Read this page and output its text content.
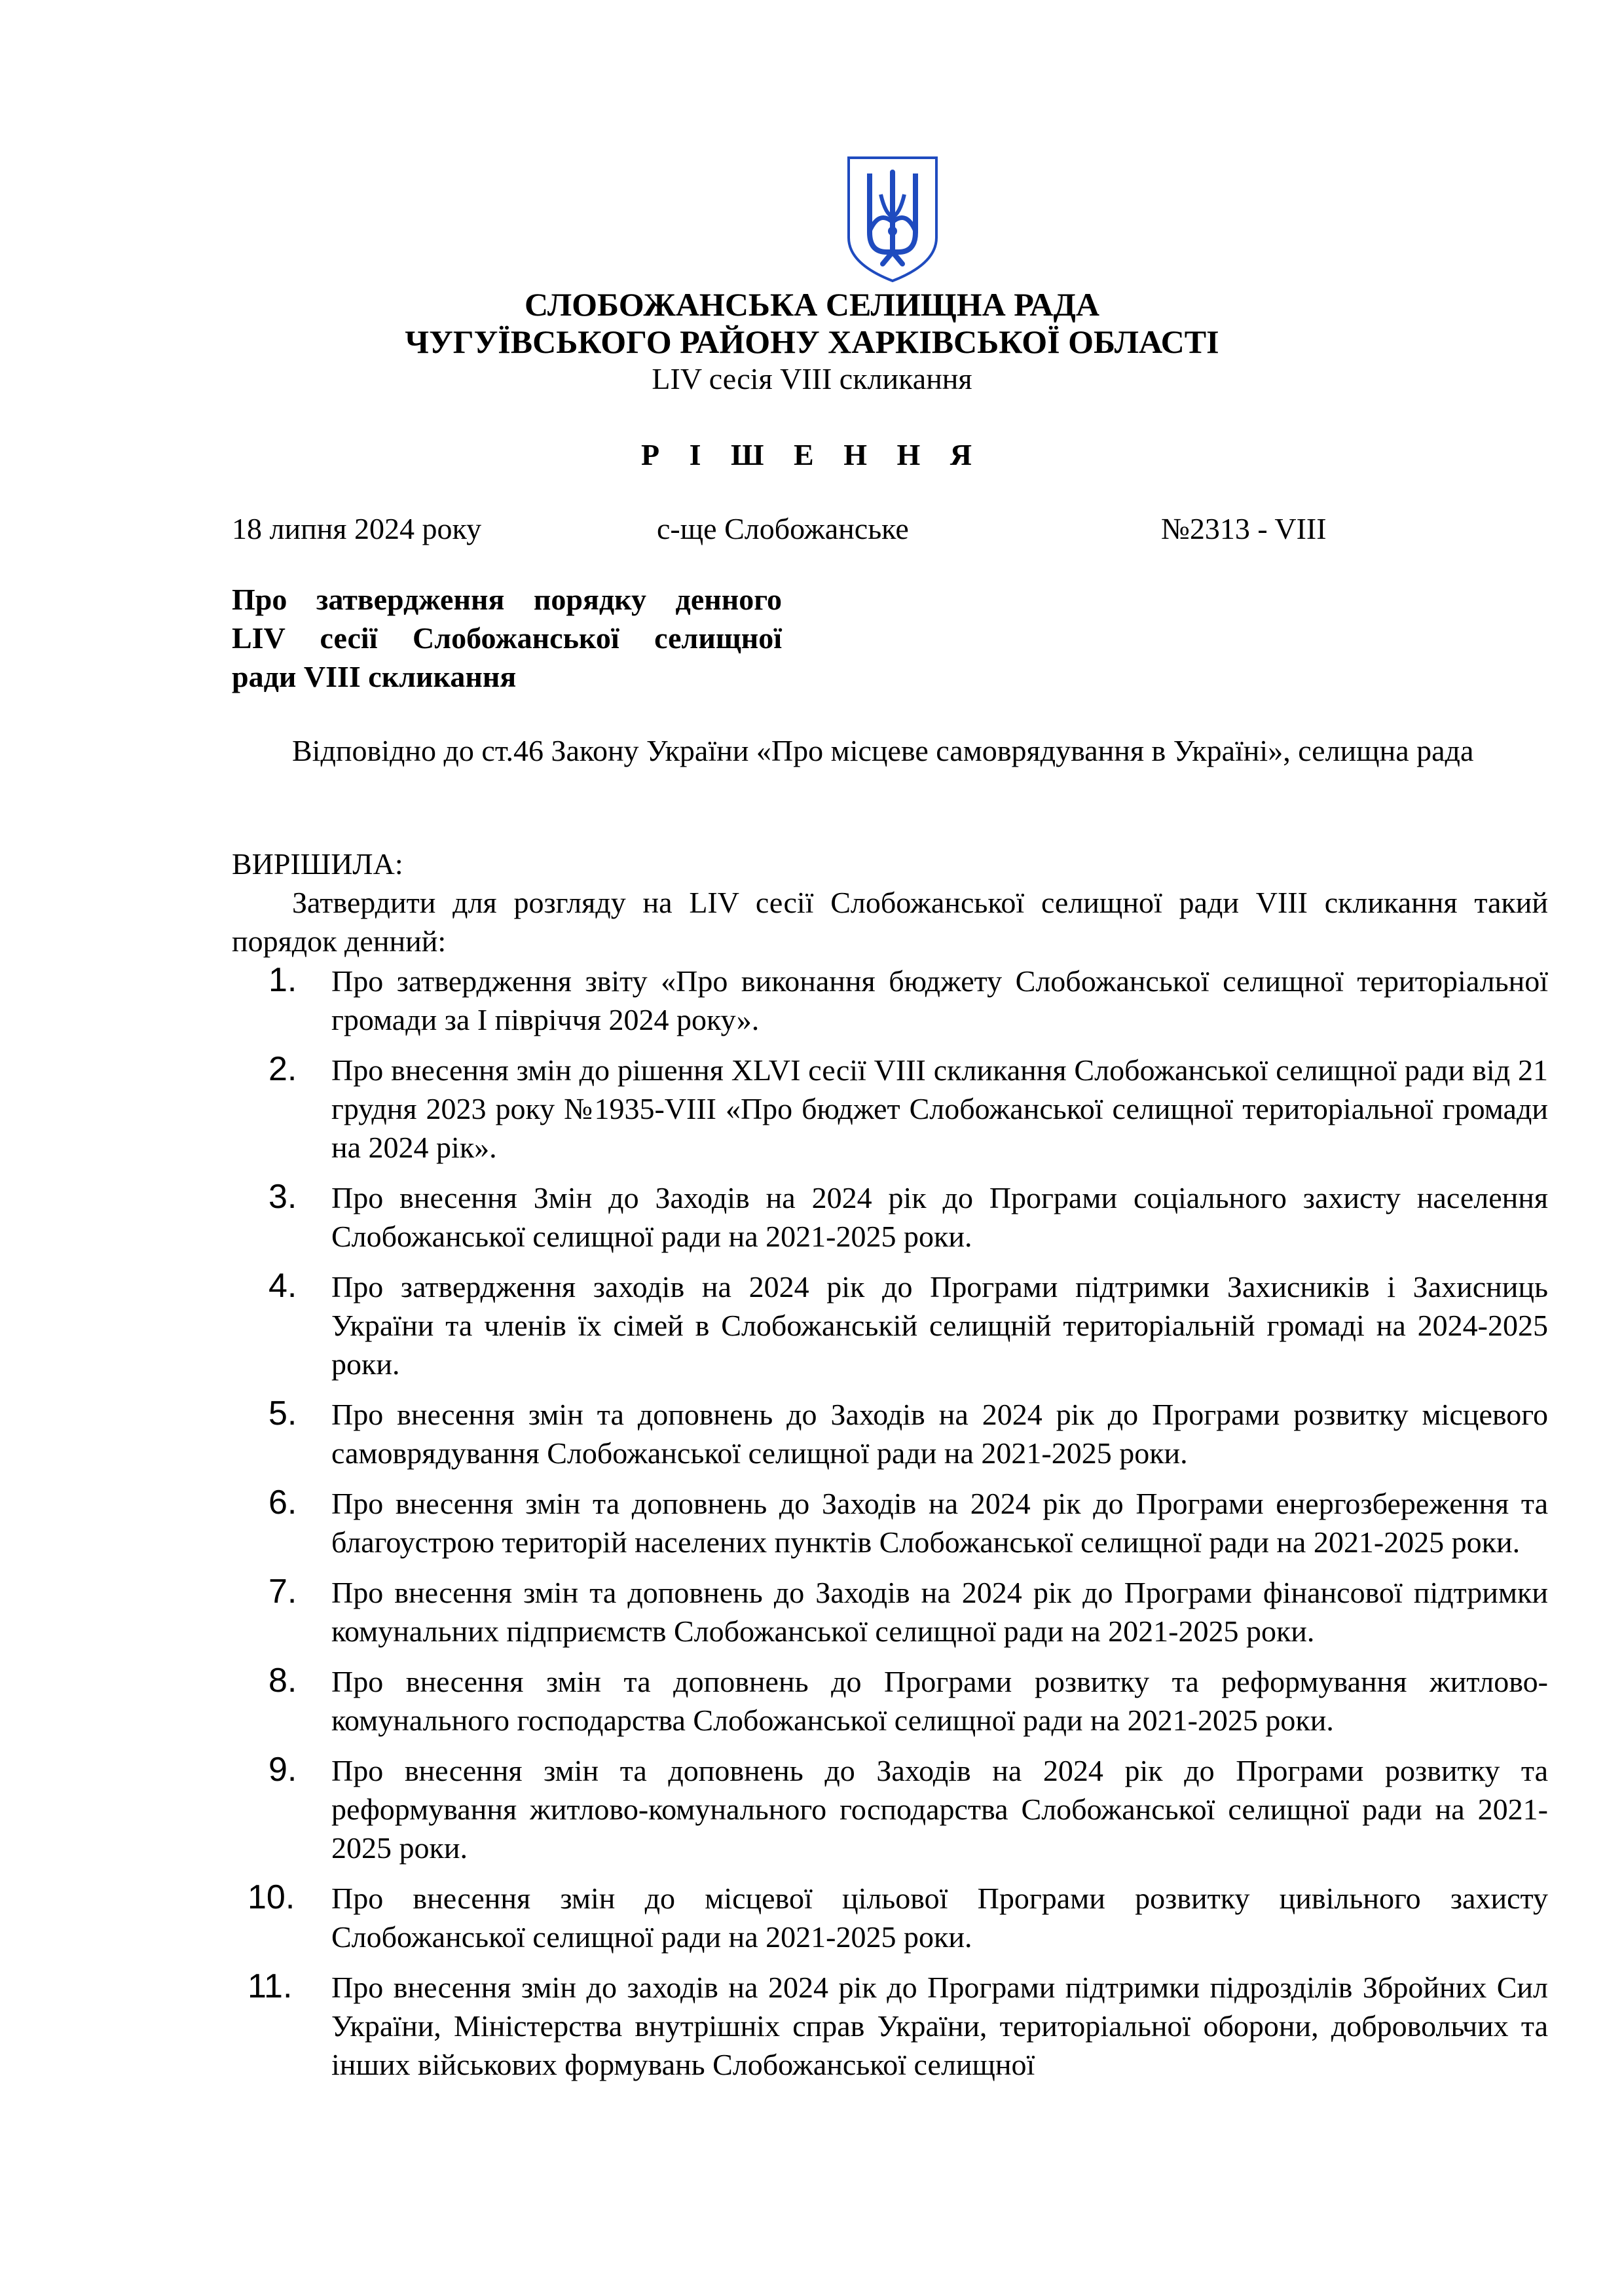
СЛОБОЖАНСЬКА СЕЛИЩНА РАДА
ЧУГУЇВСЬКОГО РАЙОНУ ХАРКІВСЬКОЇ ОБЛАСТІ
LIV сесія VIII скликання
Р І Ш Е Н Н Я
18 липня 2024 року	с-ще Слобожанське	№2313 - VIII
Про затвердження порядку денного
LIV сесії Слобожанської селищної
ради VIII скликання
Відповідно до ст.46 Закону України «Про місцеве самоврядування в Україні», селищна рада
ВИРІШИЛА:
Затвердити для розгляду на LIV сесії Слобожанської селищної ради VIII скликання такий порядок денний:
1. Про затвердження звіту «Про виконання бюджету Слобожанської селищної територіальної громади за І півріччя 2024 року».
2. Про внесення змін до рішення XLVI сесії VIII скликання Слобожанської селищної ради від 21 грудня 2023 року №1935-VIII «Про бюджет Слобожанської селищної територіальної громади на 2024 рік».
3. Про внесення Змін до Заходів на 2024 рік до Програми соціального захисту населення Слобожанської селищної ради на 2021-2025 роки.
4. Про затвердження заходів на 2024 рік до Програми підтримки Захисників і Захисниць України та членів їх сімей в Слобожанській селищній територіальній громаді на 2024-2025 роки.
5. Про внесення змін та доповнень до Заходів на 2024 рік до Програми розвитку місцевого самоврядування Слобожанської селищної ради на 2021-2025 роки.
6. Про внесення змін та доповнень до Заходів на 2024 рік до Програми енергозбереження та благоустрою територій населених пунктів Слобожанської селищної ради на 2021-2025 роки.
7. Про внесення змін та доповнень до Заходів на 2024 рік до Програми фінансової підтримки комунальних підприємств Слобожанської селищної ради на 2021-2025 роки.
8. Про внесення змін та доповнень до Програми розвитку та реформування житлово-комунального господарства Слобожанської селищної ради на 2021-2025 роки.
9. Про внесення змін та доповнень до Заходів на 2024 рік до Програми розвитку та реформування житлово-комунального господарства Слобожанської селищної ради на 2021-2025 роки.
10. Про внесення змін до місцевої цільової Програми розвитку цивільного захисту Слобожанської селищної ради на 2021-2025 роки.
11. Про внесення змін до заходів на 2024 рік до Програми підтримки підрозділів Збройних Сил України, Міністерства внутрішніх справ України, територіальної оборони, добровольчих та інших військових формувань Слобожанської селищної
